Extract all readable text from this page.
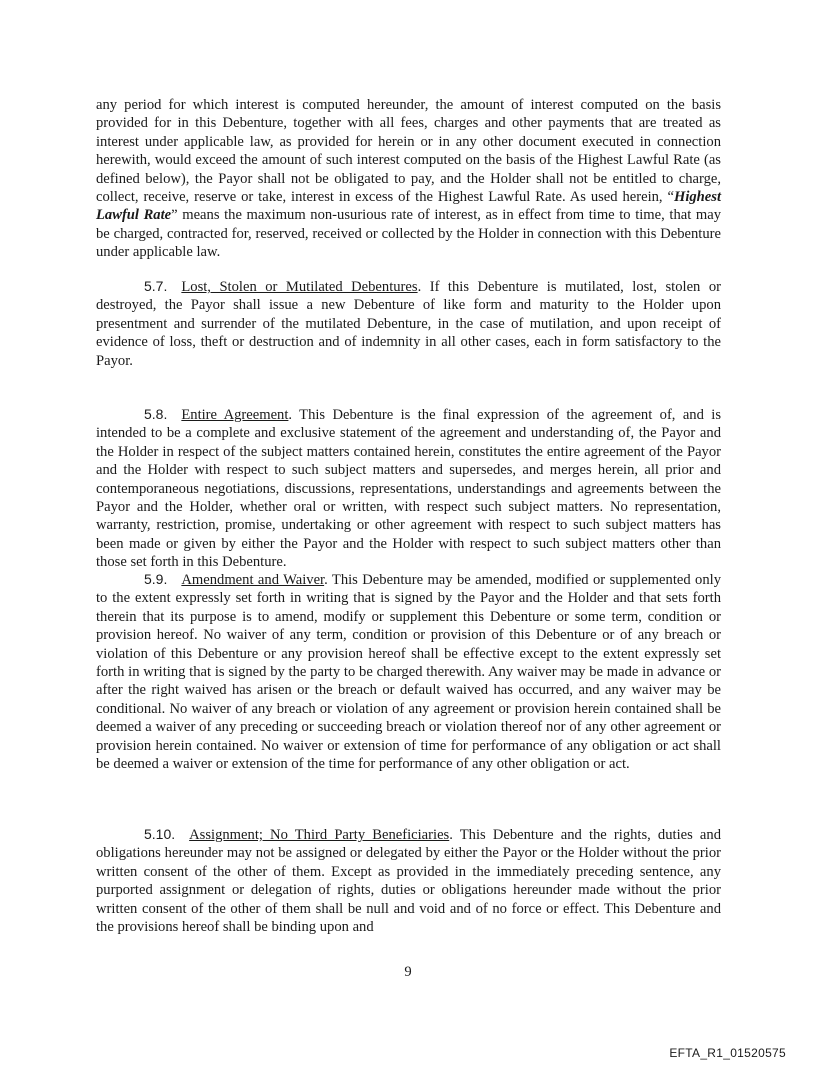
any period for which interest is computed hereunder, the amount of interest computed on the basis provided for in this Debenture, together with all fees, charges and other payments that are treated as interest under applicable law, as provided for herein or in any other document executed in connection herewith, would exceed the amount of such interest computed on the basis of the Highest Lawful Rate (as defined below), the Payor shall not be obligated to pay, and the Holder shall not be entitled to charge, collect, receive, reserve or take, interest in excess of the Highest Lawful Rate. As used herein, “Highest Lawful Rate” means the maximum non-usurious rate of interest, as in effect from time to time, that may be charged, contracted for, reserved, received or collected by the Holder in connection with this Debenture under applicable law.

5.7. Lost, Stolen or Mutilated Debentures. If this Debenture is mutilated, lost, stolen or destroyed, the Payor shall issue a new Debenture of like form and maturity to the Holder upon presentment and surrender of the mutilated Debenture, in the case of mutilation, and upon receipt of evidence of loss, theft or destruction and of indemnity in all other cases, each in form satisfactory to the Payor.

5.8. Entire Agreement. This Debenture is the final expression of the agreement of, and is intended to be a complete and exclusive statement of the agreement and understanding of, the Payor and the Holder in respect of the subject matters contained herein, constitutes the entire agreement of the Payor and the Holder with respect to such subject matters and supersedes, and merges herein, all prior and contemporaneous negotiations, discussions, representations, understandings and agreements between the Payor and the Holder, whether oral or written, with respect such subject matters. No representation, warranty, restriction, promise, undertaking or other agreement with respect to such subject matters has been made or given by either the Payor and the Holder with respect to such subject matters other than those set forth in this Debenture.

5.9. Amendment and Waiver. This Debenture may be amended, modified or supplemented only to the extent expressly set forth in writing that is signed by the Payor and the Holder and that sets forth therein that its purpose is to amend, modify or supplement this Debenture or some term, condition or provision hereof. No waiver of any term, condition or provision of this Debenture or of any breach or violation of this Debenture or any provision hereof shall be effective except to the extent expressly set forth in writing that is signed by the party to be charged therewith. Any waiver may be made in advance or after the right waived has arisen or the breach or default waived has occurred, and any waiver may be conditional. No waiver of any breach or violation of any agreement or provision herein contained shall be deemed a waiver of any preceding or succeeding breach or violation thereof nor of any other agreement or provision herein contained. No waiver or extension of time for performance of any obligation or act shall be deemed a waiver or extension of the time for performance of any other obligation or act.

5.10. Assignment; No Third Party Beneficiaries. This Debenture and the rights, duties and obligations hereunder may not be assigned or delegated by either the Payor or the Holder without the prior written consent of the other of them. Except as provided in the immediately preceding sentence, any purported assignment or delegation of rights, duties or obligations hereunder made without the prior written consent of the other of them shall be null and void and of no force or effect. This Debenture and the provisions hereof shall be binding upon and

9
EFTA_R1_01520575
